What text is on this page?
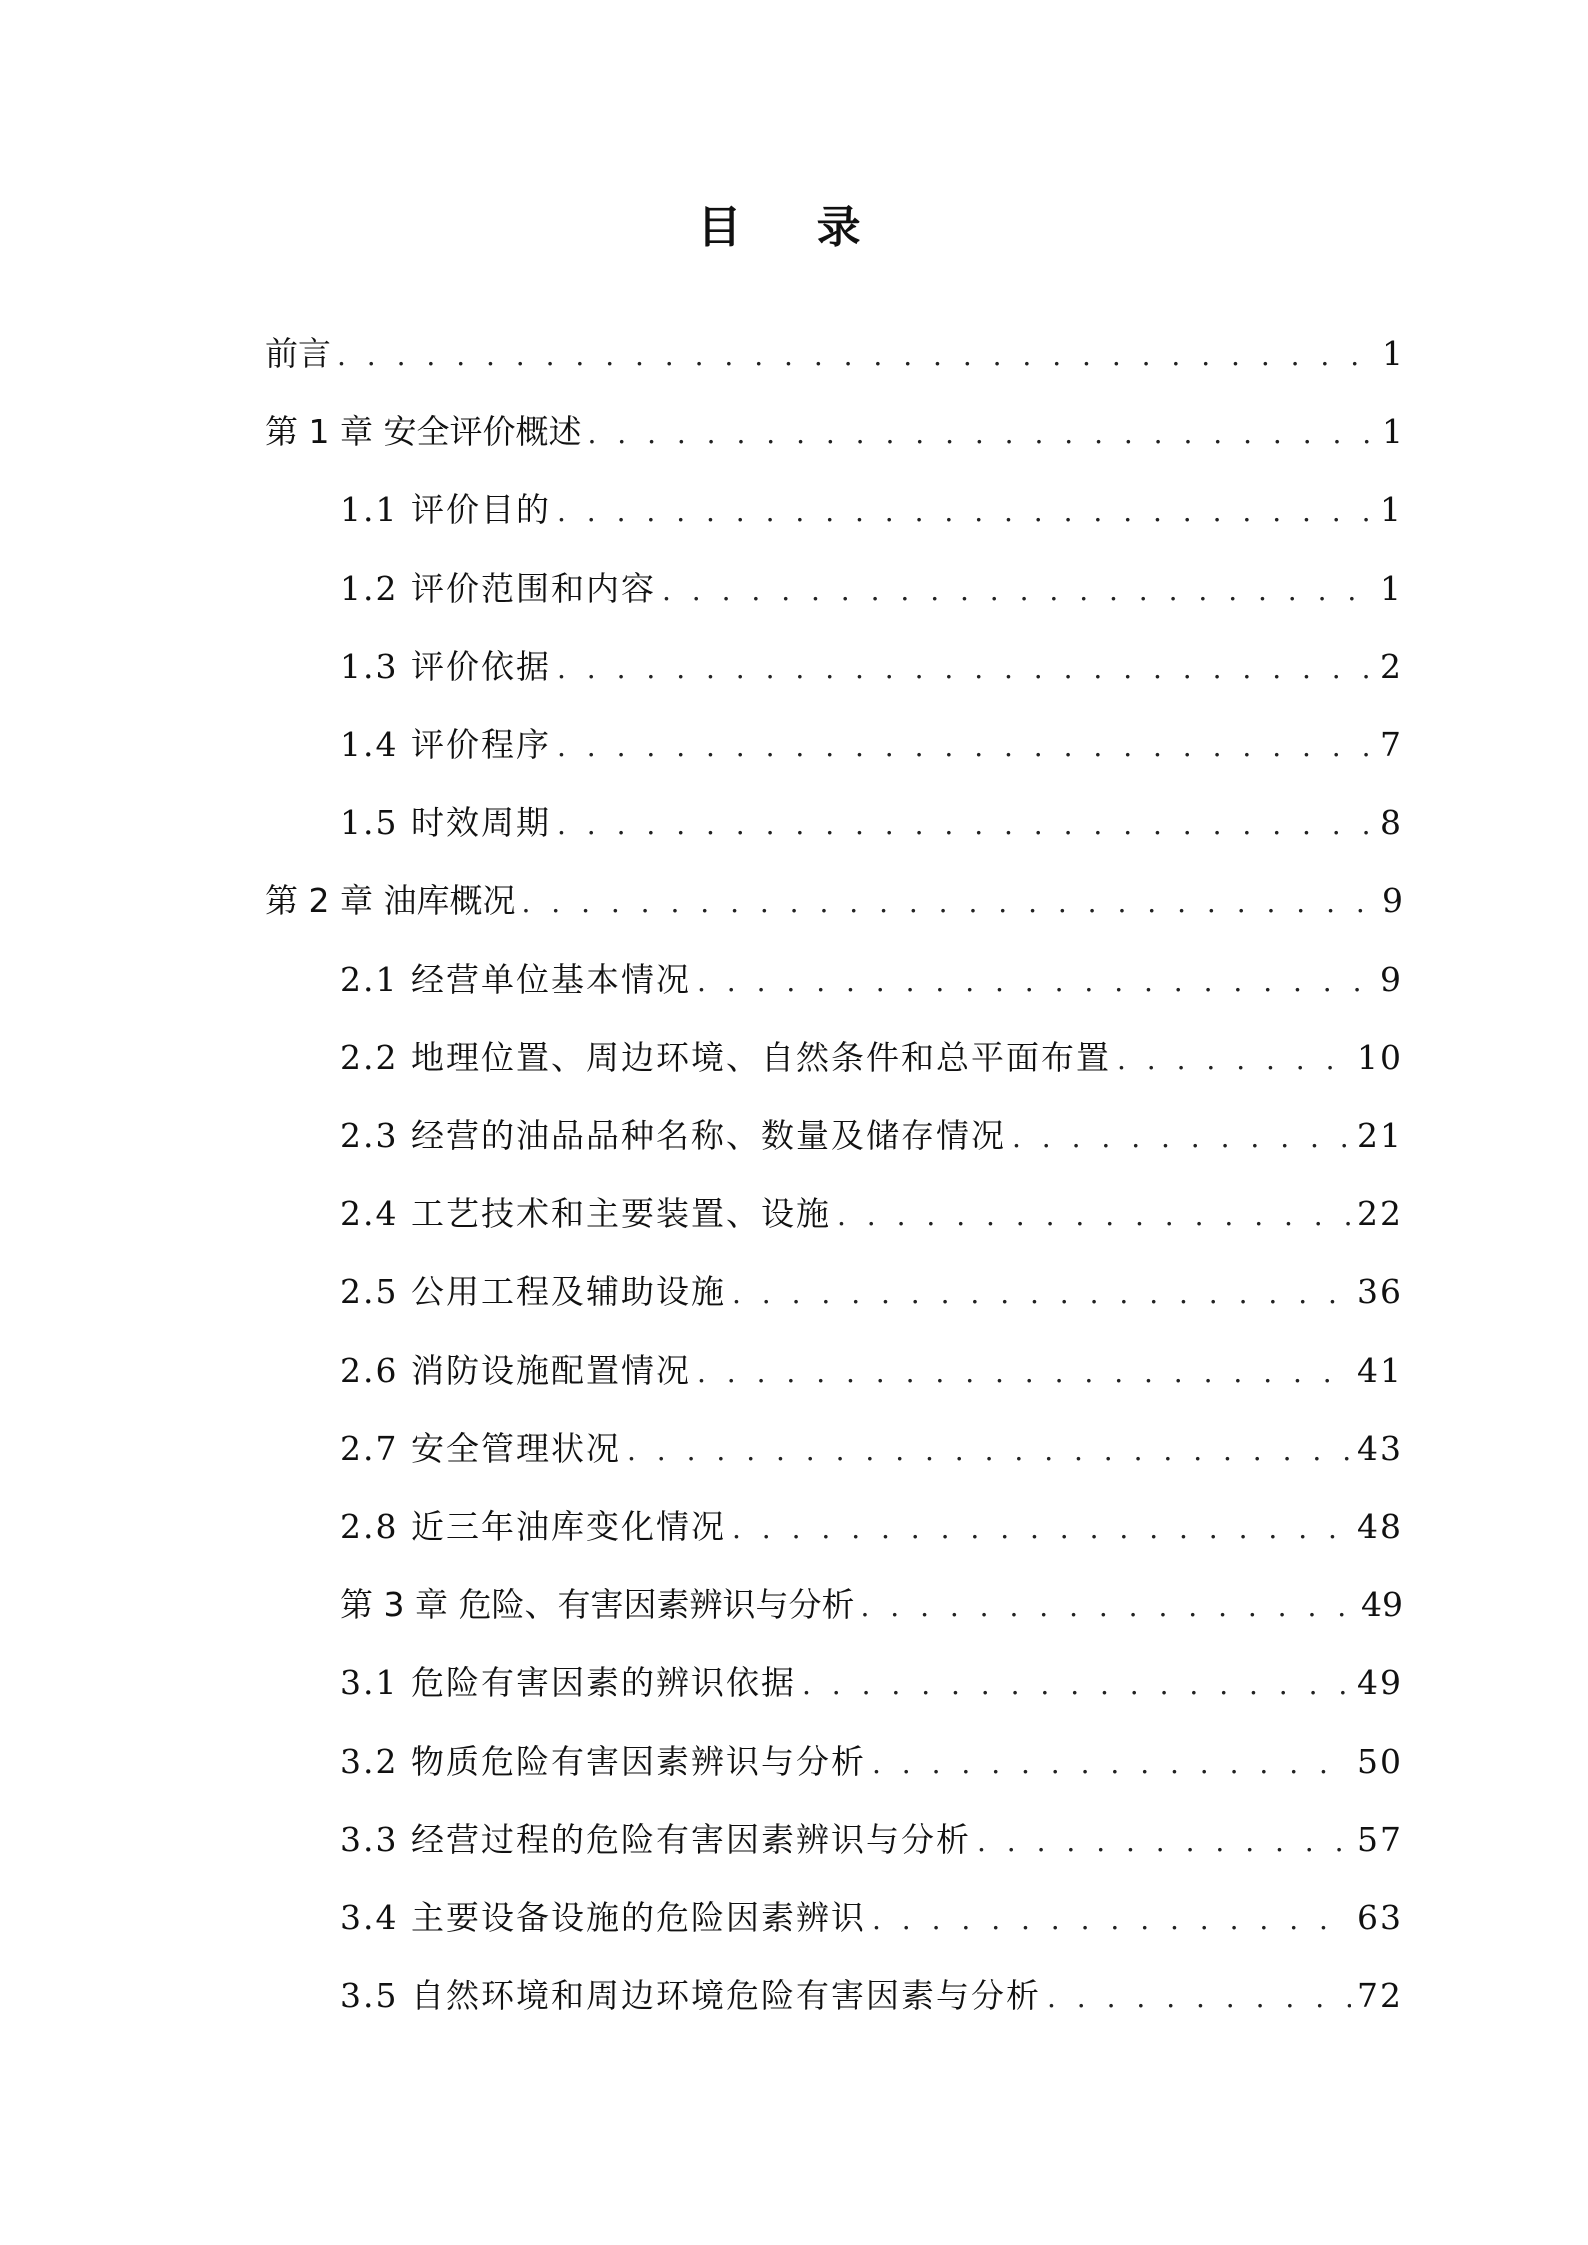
目 录
前言 . . .	1
第 1 章 安全评价概述 . . .	1
1.1 评价目的 . . .	1
1.2 评价范围和内容 . . .	1
1.3 评价依据 . . .	2
1.4 评价程序 . . .	7
1.5 时效周期 . . .	8
第 2 章 油库概况 . . .	9
2.1 经营单位基本情况 . . .	9
2.2 地理位置、周边环境、自然条件和总平面布置 . . .	10
2.3 经营的油品品种名称、数量及储存情况 . . .	21
2.4 工艺技术和主要装置、设施 . . .	22
2.5 公用工程及辅助设施 . . .	36
2.6 消防设施配置情况 . . .	41
2.7 安全管理状况 . . .	43
2.8 近三年油库变化情况 . . .	48
第 3 章 危险、有害因素辨识与分析 . . .	49
3.1 危险有害因素的辨识依据 . . .	49
3.2 物质危险有害因素辨识与分析 . . .	50
3.3 经营过程的危险有害因素辨识与分析 . . .	57
3.4 主要设备设施的危险因素辨识 . . .	63
3.5 自然环境和周边环境危险有害因素与分析 . . .	72
